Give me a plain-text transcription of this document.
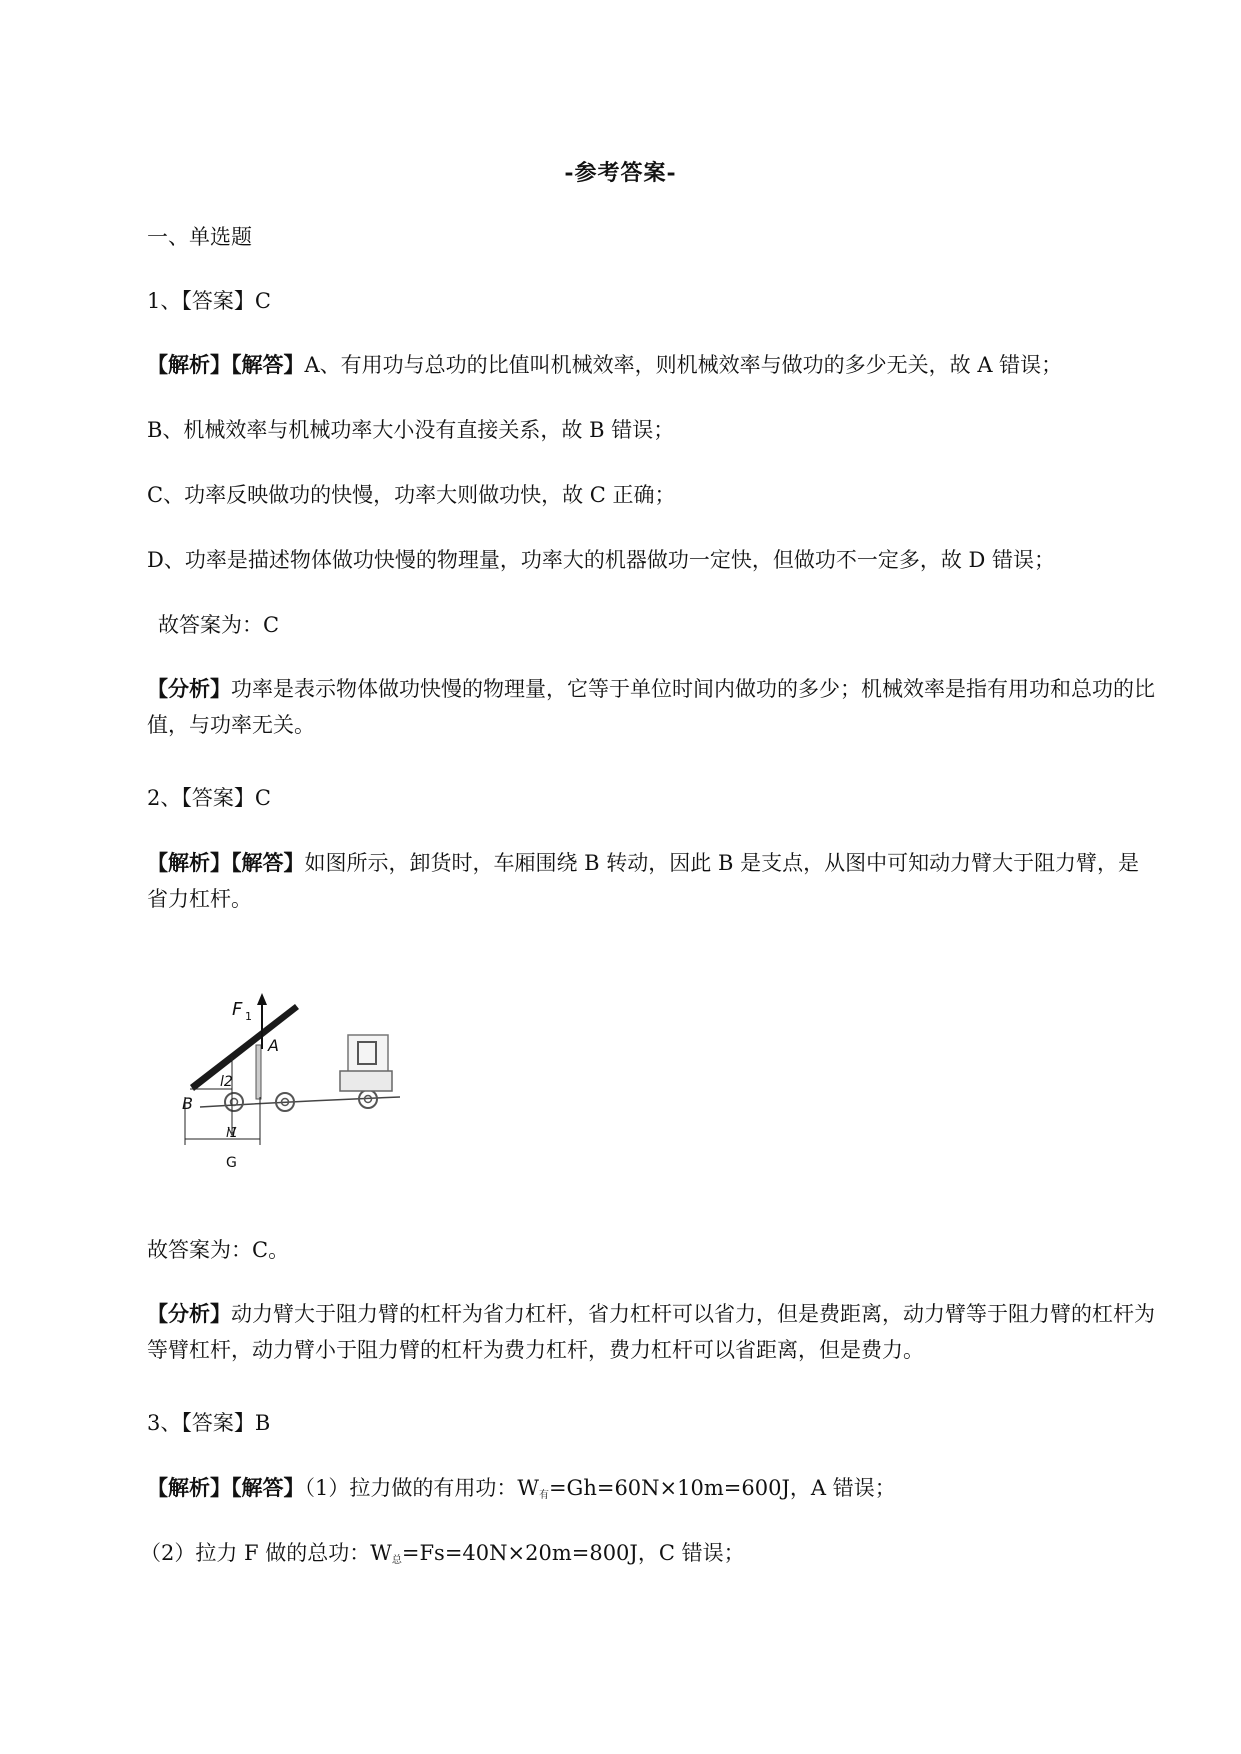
-参考答案-
一、单选题
1、【答案】C
【解析】【解答】A、有用功与总功的比值叫机械效率，则机械效率与做功的多少无关，故 A 错误；
B、机械效率与机械功率大小没有直接关系，故 B 错误；
C、功率反映做功的快慢，功率大则做功快，故 C 正确；
D、功率是描述物体做功快慢的物理量，功率大的机器做功一定快，但做功不一定多，故 D 错误；
故答案为：C
【分析】功率是表示物体做功快慢的物理量，它等于单位时间内做功的多少；机械效率是指有用功和总功的比值，与功率无关。
2、【答案】C
【解析】【解答】如图所示，卸货时，车厢围绕 B 转动，因此 B 是支点，从图中可知动力臂大于阻力臂，是省力杠杆。
F 1
A
B
l2
l1
G
故答案为：C。
【分析】动力臂大于阻力臂的杠杆为省力杠杆，省力杠杆可以省力，但是费距离，动力臂等于阻力臂的杠杆为等臂杠杆，动力臂小于阻力臂的杠杆为费力杠杆，费力杠杆可以省距离，但是费力。
3、【答案】B
【解析】【解答】（1）拉力做的有用功：$W_有=Gh=60N\times 10m=600J$，A 错误；
（2）拉力 F 做的总功：$W_总=Fs=40N\times 20m=800J$，C 错误；
